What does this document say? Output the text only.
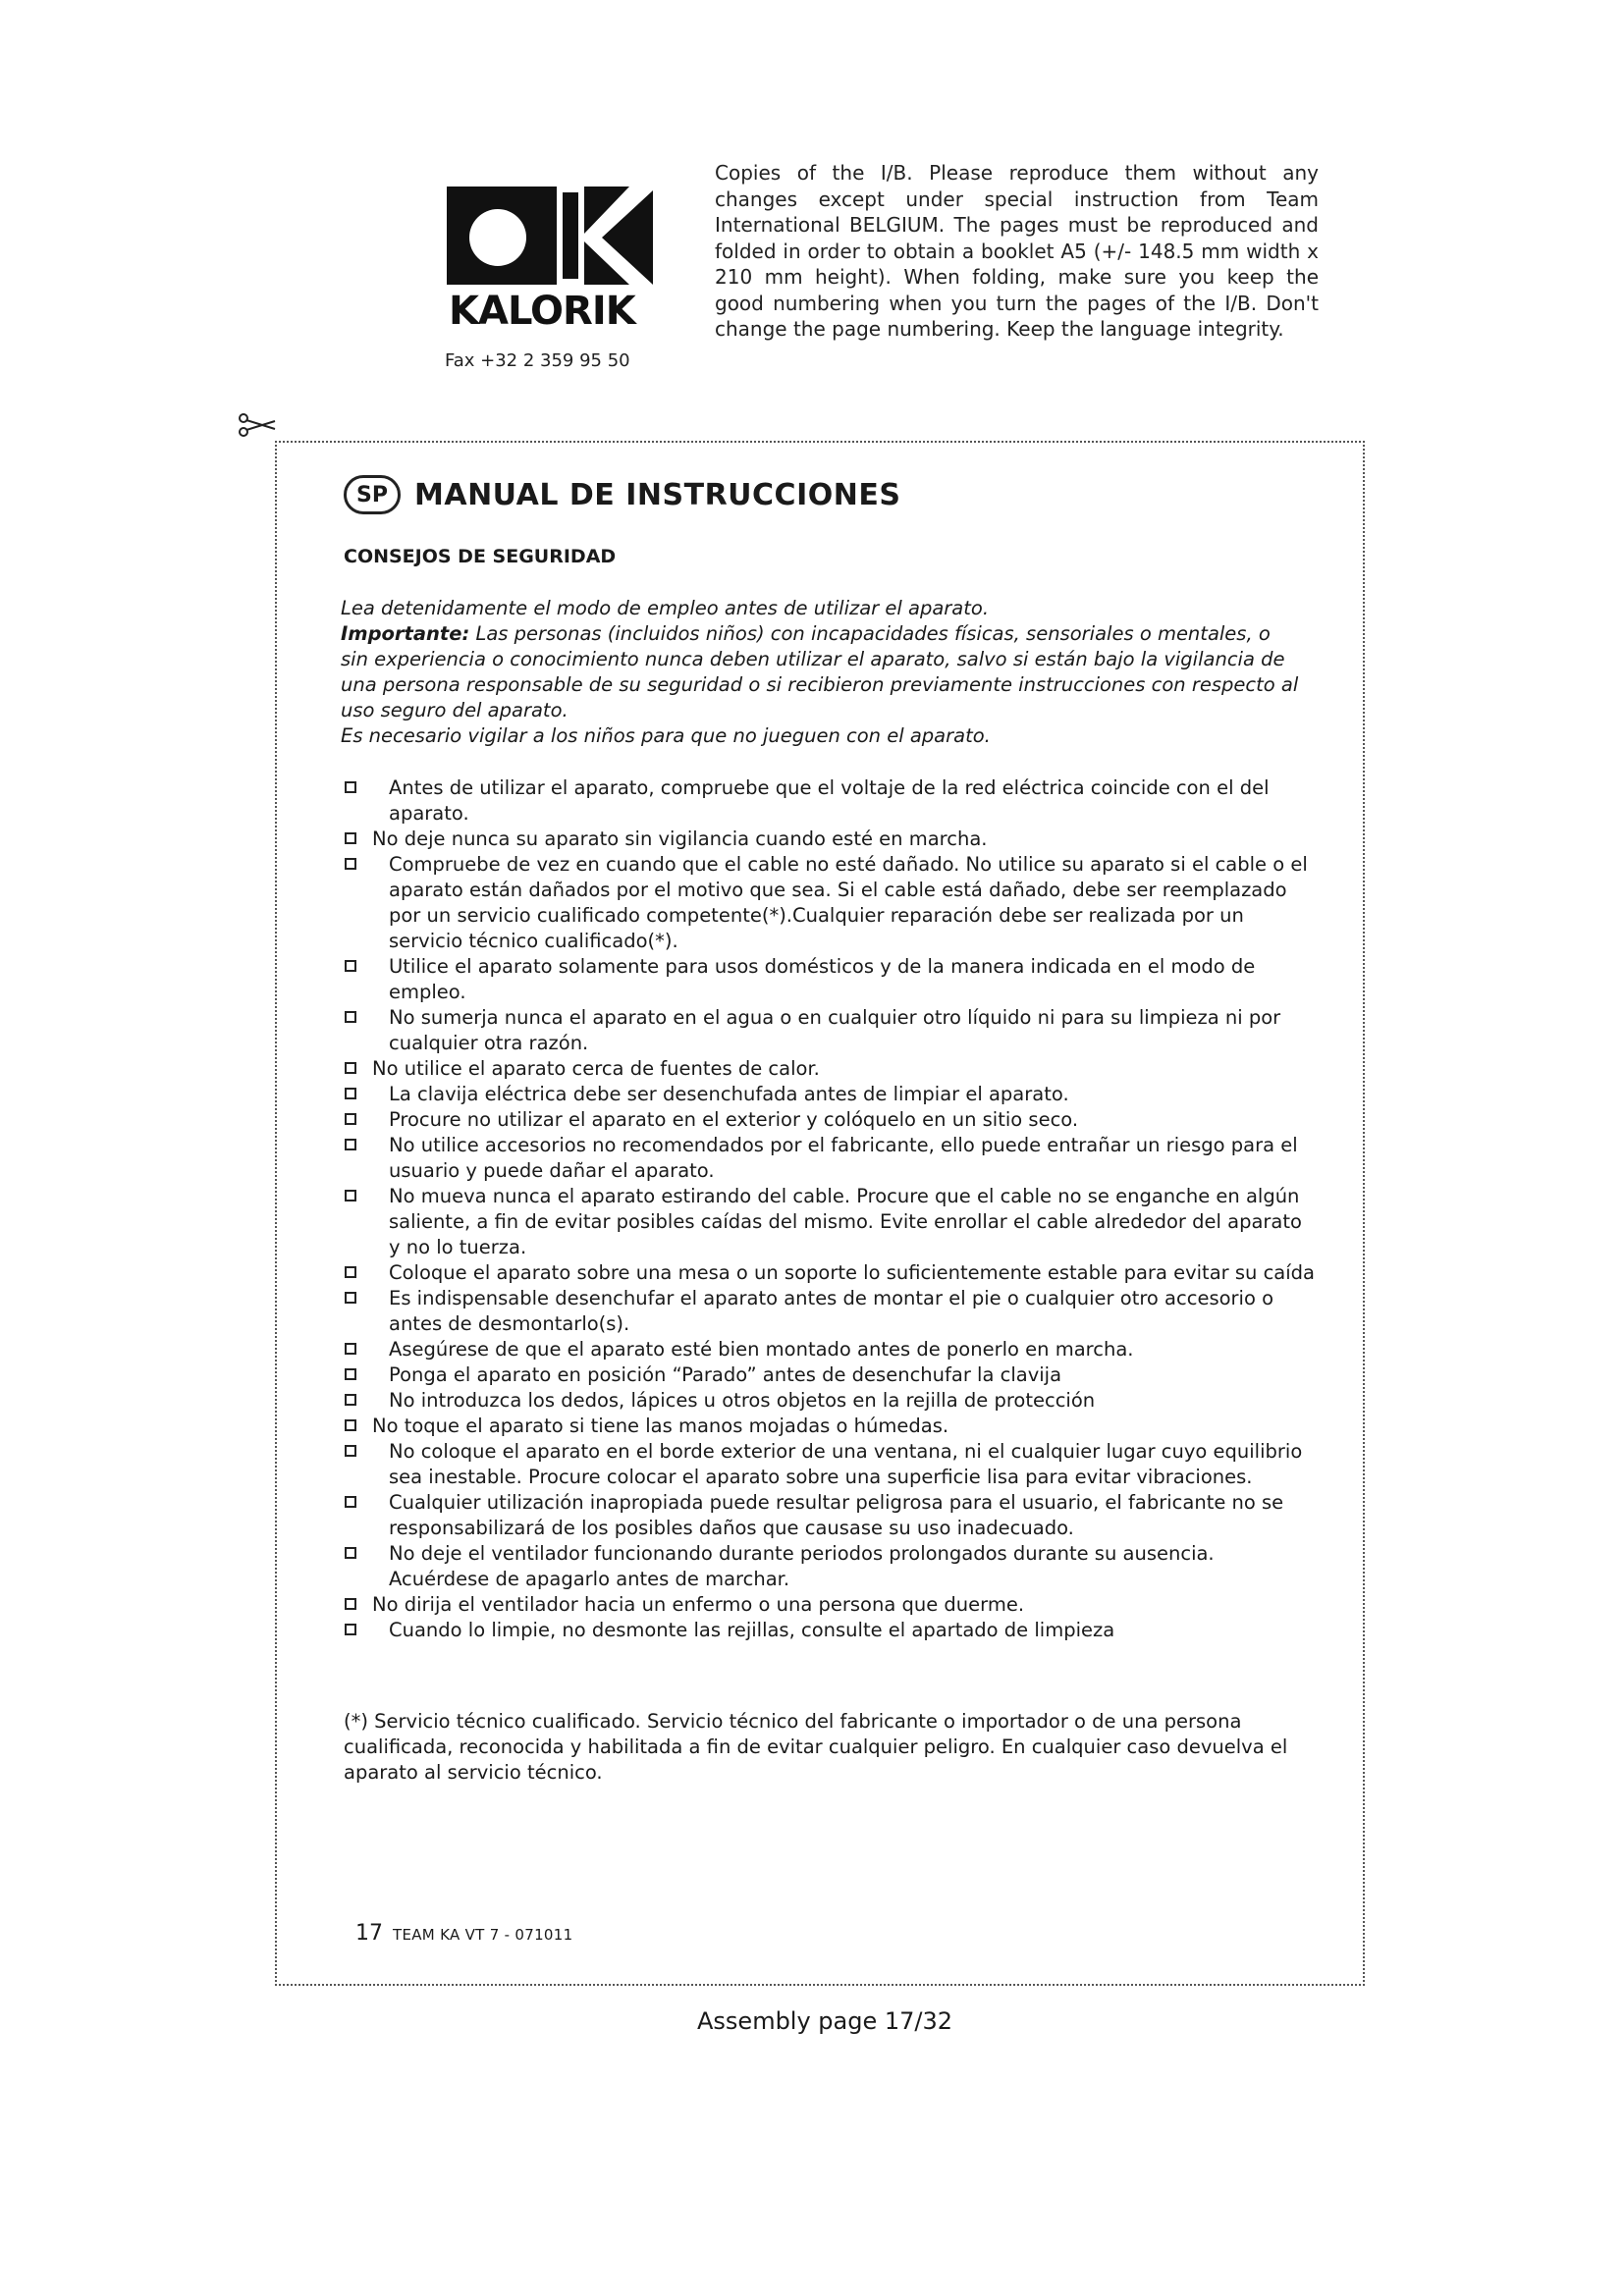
KALORIK
Fax +32 2 359 95 50
Copies of the I/B. Please reproduce them without any changes except under special instruction from Team International BELGIUM. The pages must be reproduced and folded in order to obtain a booklet A5 (+/- 148.5 mm width x 210 mm height). When folding, make sure you keep the good numbering when you turn the pages of the I/B. Don't change the page numbering. Keep the language integrity.
SP MANUAL DE INSTRUCCIONES
CONSEJOS DE SEGURIDAD

Lea detenidamente el modo de empleo antes de utilizar el aparato.

Importante: Las personas (incluidos niños) con incapacidades físicas, sensoriales o mentales, o sin experiencia o conocimiento nunca deben utilizar el aparato, salvo si están bajo la vigilancia de una persona responsable de su seguridad o si recibieron previamente instrucciones con respecto al uso seguro del aparato.

Es necesario vigilar a los niños para que no jueguen con el aparato.

Antes de utilizar el aparato, compruebe que el voltaje de la red eléctrica coincide con el del aparato.
No deje nunca su aparato sin vigilancia cuando esté en marcha.
Compruebe de vez en cuando que el cable no esté dañado. No utilice su aparato si el cable o el aparato están dañados por el motivo que sea. Si el cable está dañado, debe ser reemplazado por un servicio cualificado competente(*).Cualquier reparación debe ser realizada por un servicio técnico cualificado(*).
Utilice el aparato solamente para usos domésticos y de la manera indicada en el modo de empleo.
No sumerja nunca el aparato en el agua o en cualquier otro líquido ni para su limpieza ni por cualquier otra razón.
No utilice el aparato cerca de fuentes de calor.
La clavija eléctrica debe ser desenchufada antes de limpiar el aparato.
Procure no utilizar el aparato en el exterior y colóquelo en un sitio seco.
No utilice accesorios no recomendados por el fabricante, ello puede entrañar un riesgo para el usuario y puede dañar el aparato.
No mueva nunca el aparato estirando del cable. Procure que el cable no se enganche en algún saliente, a fin de evitar posibles caídas del mismo. Evite enrollar el cable alrededor del aparato y no lo tuerza.
Coloque el aparato sobre una mesa o un soporte lo suficientemente estable para evitar su caída
Es indispensable desenchufar el aparato antes de montar el pie o cualquier otro accesorio o antes de desmontarlo(s).
Asegúrese de que el aparato esté bien montado antes de ponerlo en marcha.
Ponga el aparato en posición “Parado” antes de desenchufar la clavija
No introduzca los dedos, lápices u otros objetos en la rejilla de protección
No toque el aparato si tiene las manos mojadas o húmedas.
No coloque el aparato en el borde exterior de una ventana, ni el cualquier lugar cuyo equilibrio sea inestable. Procure colocar el aparato sobre una superficie lisa para evitar vibraciones.
Cualquier utilización inapropiada puede resultar peligrosa para el usuario, el fabricante no se responsabilizará de los posibles daños que causase su uso inadecuado.
No deje el ventilador funcionando durante periodos prolongados durante su ausencia. Acuérdese de apagarlo antes de marchar.
No dirija el ventilador hacia un enfermo o una persona que duerme.
Cuando lo limpie, no desmonte las rejillas, consulte el apartado de limpieza
(*) Servicio técnico cualificado. Servicio técnico del fabricante o importador o de una persona cualificada, reconocida y habilitada a fin de evitar cualquier peligro. En cualquier caso devuelva el aparato al servicio técnico.
17 TEAM KA VT 7 - 071011
Assembly page 17/32
